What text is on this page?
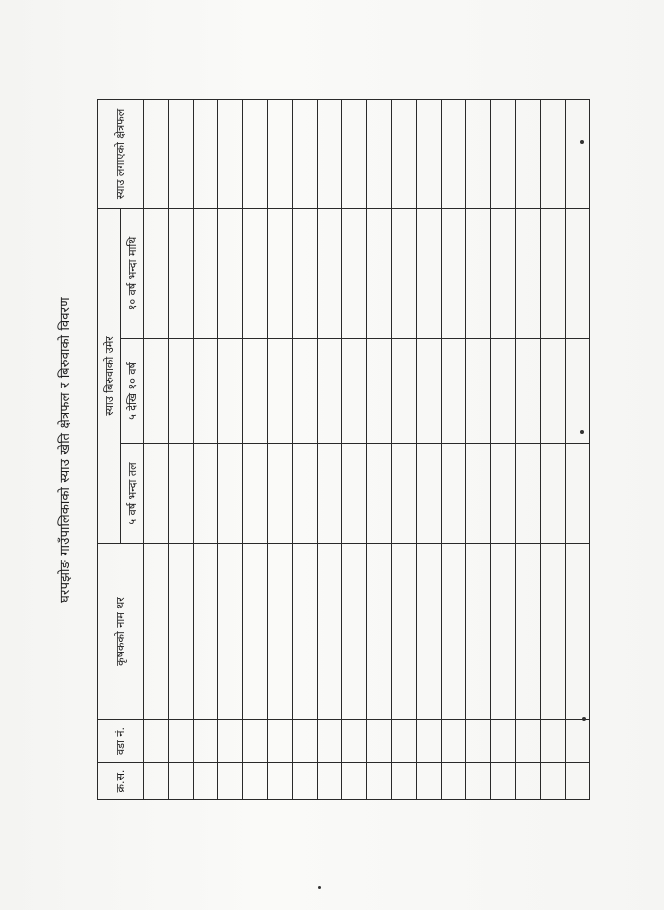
घरपझोङ गाउँपालिकाको स्याउ खेति क्षेत्रफल र बिरुवाको विवरण
क्र.स.	वडा नं.	कृषकको नाम थर	स्याउ बिरुवाको उमेर			स्याउ लगाएको क्षेत्रफल
			५ वर्ष भन्दा तल	५ देखि १० वर्ष	१० वर्ष भन्दा माथि	
